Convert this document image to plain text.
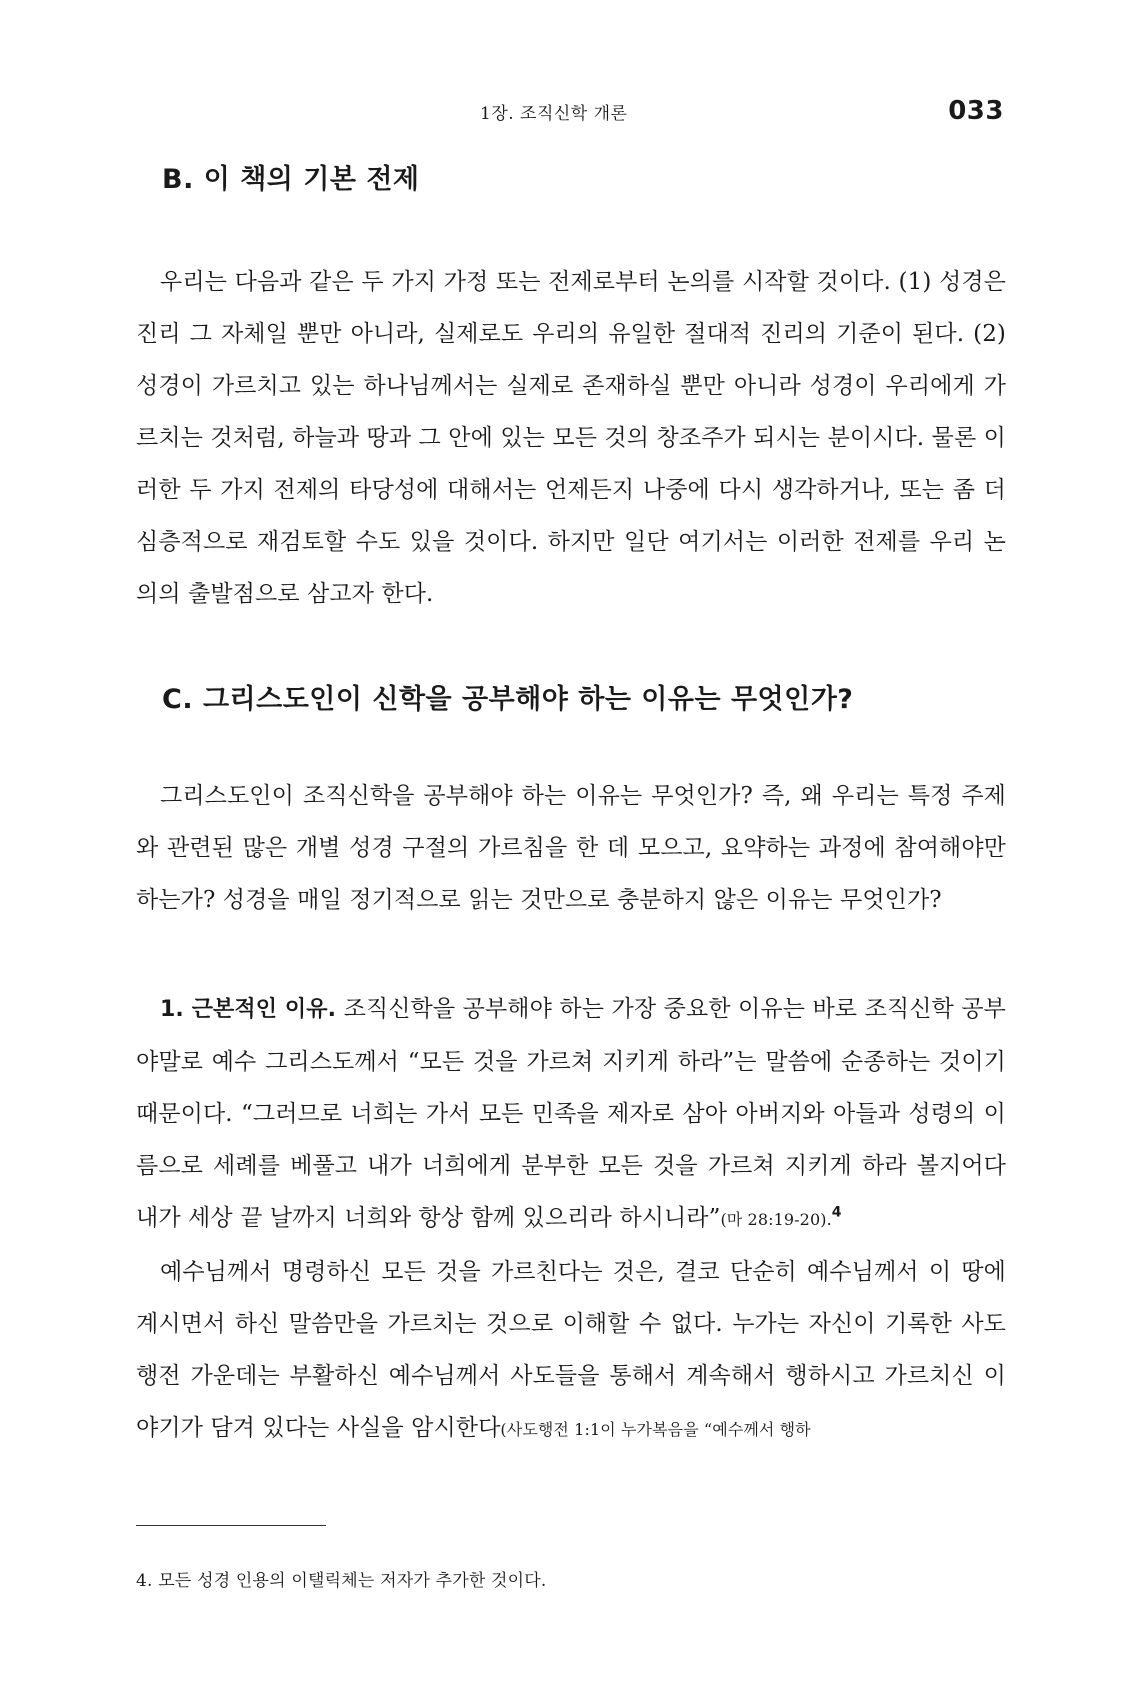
1장. 조직신학 개론	033
B. 이 책의 기본 전제

우리는 다음과 같은 두 가지 가정 또는 전제로부터 논의를 시작할 것이다. (1) 성경은 진리 그 자체일 뿐만 아니라, 실제로도 우리의 유일한 절대적 진리의 기준이 된다. (2) 성경이 가르치고 있는 하나님께서는 실제로 존재하실 뿐만 아니라 성경이 우리에게 가르치는 것처럼, 하늘과 땅과 그 안에 있는 모든 것의 창조주가 되시는 분이시다. 물론 이러한 두 가지 전제의 타당성에 대해서는 언제든지 나중에 다시 생각하거나, 또는 좀 더 심층적으로 재검토할 수도 있을 것이다. 하지만 일단 여기서는 이러한 전제를 우리 논의의 출발점으로 삼고자 한다.

C. 그리스도인이 신학을 공부해야 하는 이유는 무엇인가?

그리스도인이 조직신학을 공부해야 하는 이유는 무엇인가? 즉, 왜 우리는 특정 주제와 관련된 많은 개별 성경 구절의 가르침을 한 데 모으고, 요약하는 과정에 참여해야만 하는가? 성경을 매일 정기적으로 읽는 것만으로 충분하지 않은 이유는 무엇인가?

1. 근본적인 이유. 조직신학을 공부해야 하는 가장 중요한 이유는 바로 조직신학 공부야말로 예수 그리스도께서 “모든 것을 가르쳐 지키게 하라”는 말씀에 순종하는 것이기 때문이다. “그러므로 너희는 가서 모든 민족을 제자로 삼아 아버지와 아들과 성령의 이름으로 세례를 베풀고 내가 너희에게 분부한 모든 것을 가르쳐 지키게 하라 볼지어다 내가 세상 끝 날까지 너희와 항상 함께 있으리라 하시니라”(마 28:19-20).$^4$

예수님께서 명령하신 모든 것을 가르친다는 것은, 결코 단순히 예수님께서 이 땅에 계시면서 하신 말씀만을 가르치는 것으로 이해할 수 없다. 누가는 자신이 기록한 사도행전 가운데는 부활하신 예수님께서 사도들을 통해서 계속해서 행하시고 가르치신 이야기가 담겨 있다는 사실을 암시한다(사도행전 1:1이 누가복음을 “예수께서 행하

4. 모든 성경 인용의 이탤릭체는 저자가 추가한 것이다.
